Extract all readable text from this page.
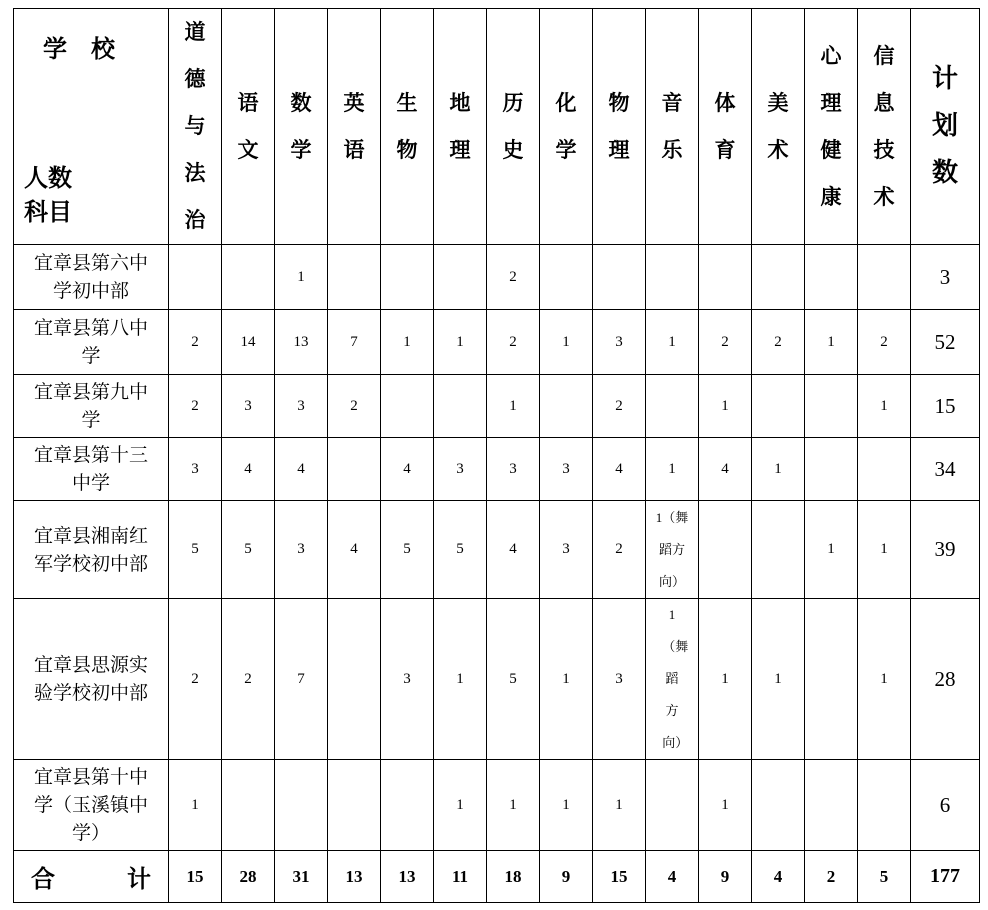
学　校
人数
科目	道德与法治	语文	数学	英语	生物	地理	历史	化学	物理	音乐	体育	美术	心理健康	信息技术	计划数
宜章县第六中学初中部			1				2								3
宜章县第八中学	2	14	13	7	1	1	2	1	3	1	2	2	1	2	52
宜章县第九中学	2	3	3	2			1		2		1			1	15
宜章县第十三中学	3	4	4		4	3	3	3	4	1	4	1			34
宜章县湘南红军学校初中部	5	5	3	4	5	5	4	3	2	1（舞蹈方向）			1	1	39
宜章县思源实验学校初中部	2	2	7		3	1	5	1	3	1（舞蹈方向）	1	1		1	28
宜章县第十中学（玉溪镇中学）	1					1	1	1	1		1				6
合计	15	28	31	13	13	11	18	9	15	4	9	4	2	5	177
